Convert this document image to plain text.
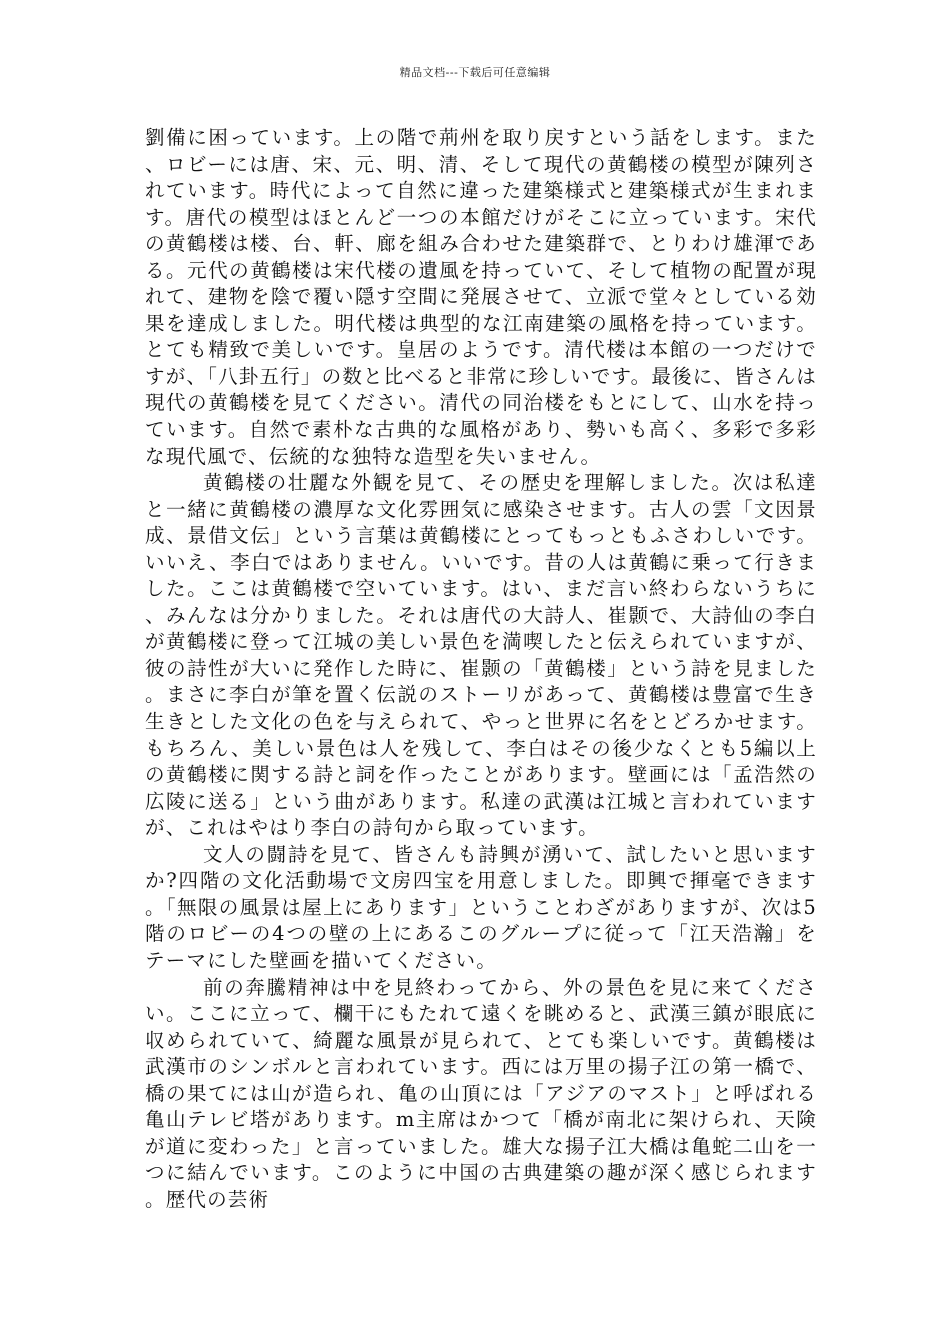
精品文档---下载后可任意编辑

劉備に困っています。上の階で荊州を取り戻すという話をします。また、ロビーには唐、宋、元、明、清、そして現代の黄鶴楼の模型が陳列されています。時代によって自然に違った建築様式と建築様式が生まれます。唐代の模型はほとんど一つの本館だけがそこに立っています。宋代の黄鶴楼は楼、台、軒、廊を組み合わせた建築群で、とりわけ雄渾である。元代の黄鶴楼は宋代楼の遺風を持っていて、そして植物の配置が現れて、建物を陰で覆い隠す空間に発展させて、立派で堂々としている効果を達成しました。明代楼は典型的な江南建築の風格を持っています。とても精致で美しいです。皇居のようです。清代楼は本館の一つだけですが、「八卦五行」の数と比べると非常に珍しいです。最後に、皆さんは現代の黄鶴楼を見てください。清代の同治楼をもとにして、山水を持っています。自然で素朴な古典的な風格があり、勢いも高く、多彩で多彩な現代風で、伝統的な独特な造型を失いません。

黄鶴楼の壮麗な外観を見て、その歴史を理解しました。次は私達と一緒に黄鶴楼の濃厚な文化雰囲気に感染させます。古人の雲「文因景成、景借文伝」という言葉は黄鶴楼にとってもっともふさわしいです。いいえ、李白ではありません。いいです。昔の人は黄鶴に乗って行きました。ここは黄鶴楼で空いています。はい、まだ言い終わらないうちに、みんなは分かりました。それは唐代の大詩人、崔颢で、大詩仙の李白が黄鶴楼に登って江城の美しい景色を満喫したと伝えられていますが、彼の詩性が大いに発作した時に、崔颢の「黄鶴楼」という詩を見ました。まさに李白が筆を置く伝説のストーリがあって、黄鶴楼は豊富で生き生きとした文化の色を与えられて、やっと世界に名をとどろかせます。もちろん、美しい景色は人を残して、李白はその後少なくとも5編以上の黄鶴楼に関する詩と詞を作ったことがあります。壁画には「孟浩然の広陵に送る」という曲があります。私達の武漢は江城と言われていますが、これはやはり李白の詩句から取っています。

文人の闘詩を見て、皆さんも詩興が湧いて、試したいと思いますか?四階の文化活動場で文房四宝を用意しました。即興で揮毫できます。「無限の風景は屋上にあります」ということわざがありますが、次は5階のロビーの4つの壁の上にあるこのグループに従って「江天浩瀚」をテーマにした壁画を描いてください。

前の奔騰精神は中を見終わってから、外の景色を見に来てください。ここに立って、欄干にもたれて遠くを眺めると、武漢三鎮が眼底に収められていて、綺麗な風景が見られて、とても楽しいです。黄鶴楼は武漢市のシンボルと言われています。西には万里の揚子江の第一橋で、橋の果てには山が造られ、亀の山頂には「アジアのマスト」と呼ばれる亀山テレビ塔があります。m主席はかつて「橋が南北に架けられ、天険が道に変わった」と言っていました。雄大な揚子江大橋は亀蛇二山を一つに結んでいます。このように中国の古典建築の趣が深く感じられます。歴代の芸術
